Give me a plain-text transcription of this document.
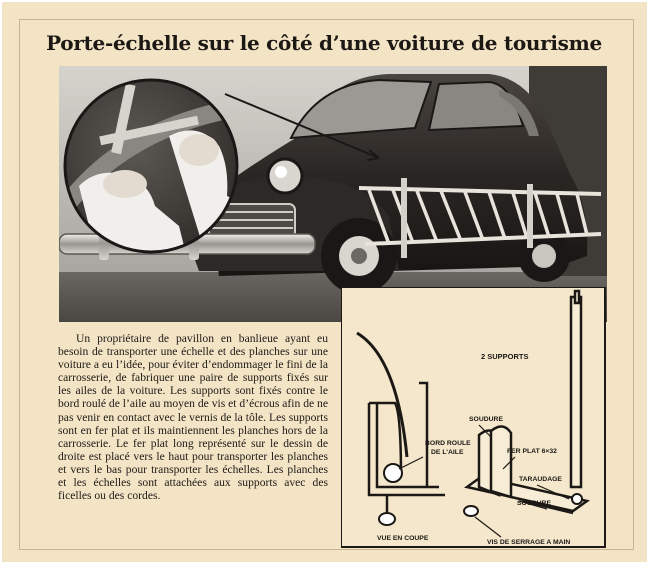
Porte-échelle sur le côté d’une voiture de tourisme
Un propriétaire de pavillon en banlieue ayant eu besoin de transporter une échelle et des planches sur une voiture a eu l’idée, pour éviter d’endommager le fini de la carrosserie, de fabriquer une paire de supports fixés sur les ailes de la voiture. Les supports sont fixés contre le bord roulé de l’aile au moyen de vis et d’écrous afin de ne pas venir en contact avec le vernis de la tôle. Les supports sont en fer plat et ils maintiennent les planches hors de la carrosserie. Le fer plat long représenté sur le dessin de droite est placé vers le haut pour transporter les planches et vers le bas pour transporter les échelles. Les planches et les échelles sont attachées aux supports avec des ficelles ou des cordes.
2 SUPPORTS
BORD ROULE
DE L’AILE
SOUDURE
FER PLAT 6×32
TARAUDAGE
SOUDURE
VUE EN COUPE
VIS DE SERRAGE A MAIN
